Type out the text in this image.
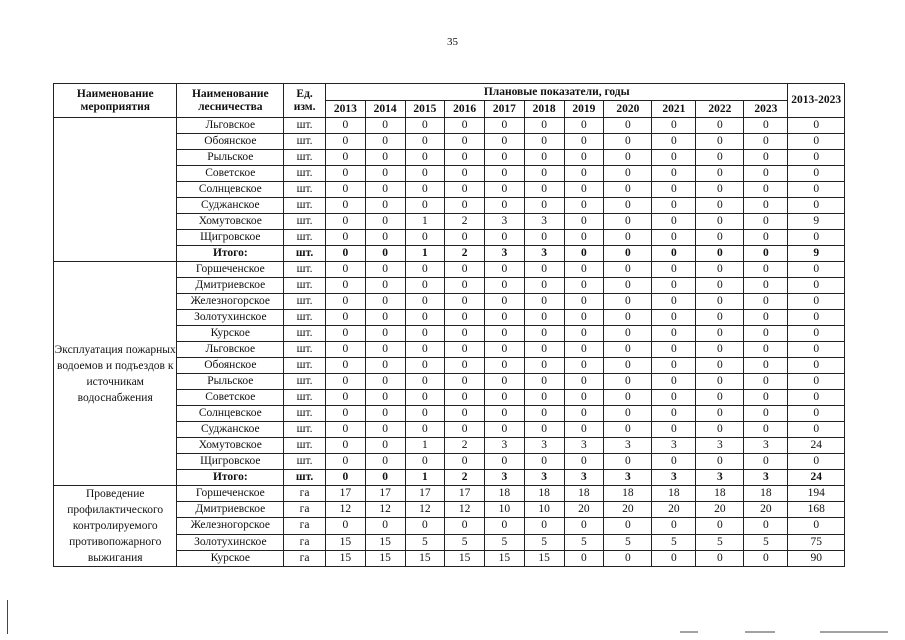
35
Наименование мероприятия	Наименование лесничества	Ед. изм.	Плановые показатели, годы											2013-2023
			2013	2014	2015	2016	2017	2018	2019	2020	2021	2022	2023	
	Льговское	шт.	0	0	0	0	0	0	0	0	0	0	0	0
	Обоянское	шт.	0	0	0	0	0	0	0	0	0	0	0	0
	Рыльское	шт.	0	0	0	0	0	0	0	0	0	0	0	0
	Советское	шт.	0	0	0	0	0	0	0	0	0	0	0	0
	Солнцевское	шт.	0	0	0	0	0	0	0	0	0	0	0	0
	Суджанское	шт.	0	0	0	0	0	0	0	0	0	0	0	0
	Хомутовское	шт.	0	0	1	2	3	3	0	0	0	0	0	9
	Щигровское	шт.	0	0	0	0	0	0	0	0	0	0	0	0
	Итого:	шт.	0	0	1	2	3	3	0	0	0	0	0	9
Эксплуатация пожарных водоемов и подъездов к источникам водоснабжения	Горшеченское	шт.	0	0	0	0	0	0	0	0	0	0	0	0
	Дмитриевское	шт.	0	0	0	0	0	0	0	0	0	0	0	0
	Железногорское	шт.	0	0	0	0	0	0	0	0	0	0	0	0
	Золотухинское	шт.	0	0	0	0	0	0	0	0	0	0	0	0
	Курское	шт.	0	0	0	0	0	0	0	0	0	0	0	0
	Льговское	шт.	0	0	0	0	0	0	0	0	0	0	0	0
	Обоянское	шт.	0	0	0	0	0	0	0	0	0	0	0	0
	Рыльское	шт.	0	0	0	0	0	0	0	0	0	0	0	0
	Советское	шт.	0	0	0	0	0	0	0	0	0	0	0	0
	Солнцевское	шт.	0	0	0	0	0	0	0	0	0	0	0	0
	Суджанское	шт.	0	0	0	0	0	0	0	0	0	0	0	0
	Хомутовское	шт.	0	0	1	2	3	3	3	3	3	3	3	24
	Щигровское	шт.	0	0	0	0	0	0	0	0	0	0	0	0
	Итого:	шт.	0	0	1	2	3	3	3	3	3	3	3	24
Проведение профилактического контролируемого противопожарного выжигания	Горшеченское	га	17	17	17	17	18	18	18	18	18	18	18	194
	Дмитриевское	га	12	12	12	12	10	10	20	20	20	20	20	168
	Железногорское	га	0	0	0	0	0	0	0	0	0	0	0	0
	Золотухинское	га	15	15	5	5	5	5	5	5	5	5	5	75
	Курское	га	15	15	15	15	15	15	0	0	0	0	0	90
